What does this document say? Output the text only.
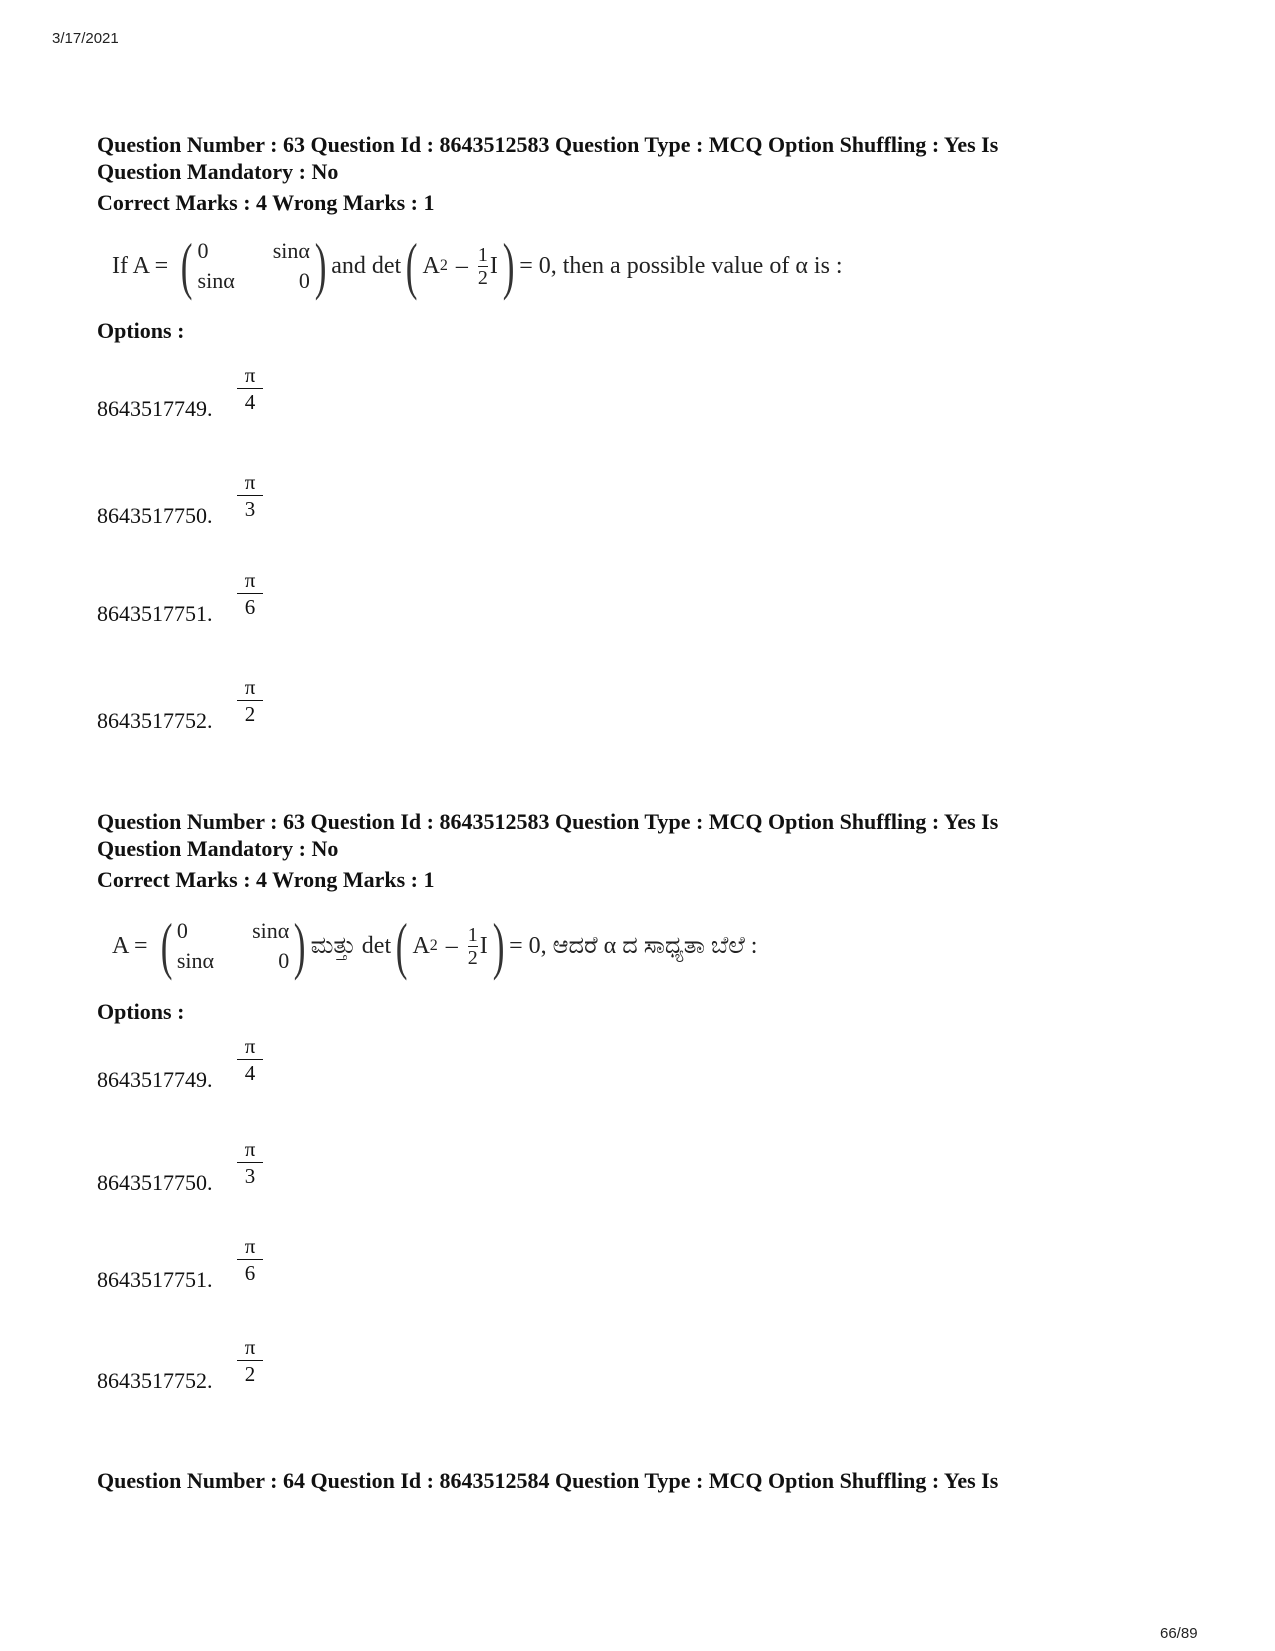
3/17/2021
Question Number : 63 Question Id : 8643512583 Question Type : MCQ Option Shuffling : Yes Is
Question Mandatory : No
Correct Marks : 4 Wrong Marks : 1
If A = ( 0	sinα
sinα	0 ) and det ( A $2 - \frac{1}{2}$ I ) = 0, then a possible value of α is :
Options :
8643517749. $\frac{\pi}{4}$
8643517750. $\frac{\pi}{3}$
8643517751. $\frac{\pi}{6}$
8643517752. $\frac{\pi}{2}$
Question Number : 63 Question Id : 8643512583 Question Type : MCQ Option Shuffling : Yes Is
Question Mandatory : No
Correct Marks : 4 Wrong Marks : 1
A = ( 0	sinα
sinα	0 ) ಮತ್ತು det ( A $2 - \frac{1}{2}$ I ) = 0, ಆದರೆ α ದ ಸಾಧ್ಯತಾ ಬೆಲೆ :
Options :
8643517749. $\frac{\pi}{4}$
8643517750. $\frac{\pi}{3}$
8643517751. $\frac{\pi}{6}$
8643517752. $\frac{\pi}{2}$
Question Number : 64 Question Id : 8643512584 Question Type : MCQ Option Shuffling : Yes Is
66/89
